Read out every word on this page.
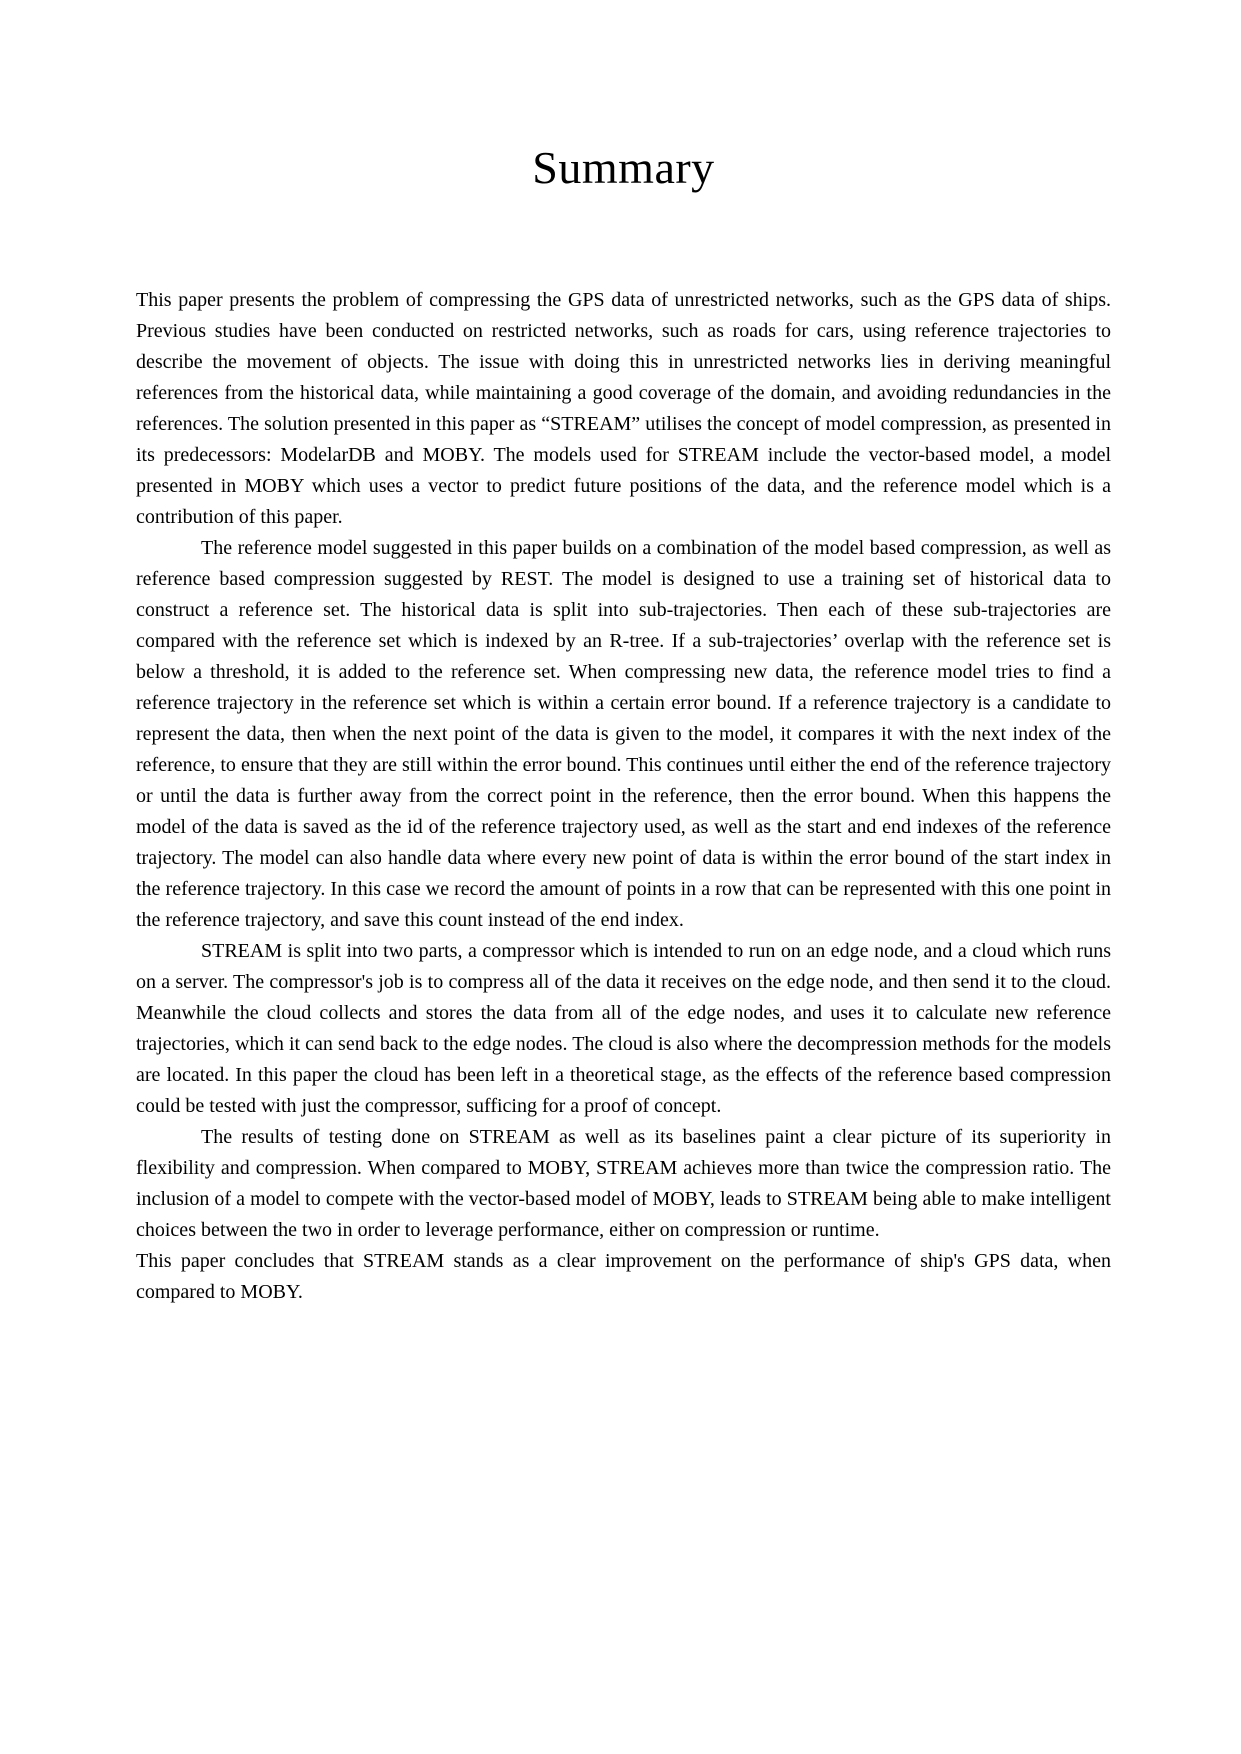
Summary

This paper presents the problem of compressing the GPS data of unrestricted networks, such as the GPS data of ships. Previous studies have been conducted on restricted networks, such as roads for cars, using reference trajectories to describe the movement of objects. The issue with doing this in unrestricted networks lies in deriving meaningful references from the historical data, while maintaining a good coverage of the domain, and avoiding redundancies in the references. The solution presented in this paper as “STREAM” utilises the concept of model compression, as presented in its predecessors: ModelarDB and MOBY. The models used for STREAM include the vector-based model, a model presented in MOBY which uses a vector to predict future positions of the data, and the reference model which is a contribution of this paper.

The reference model suggested in this paper builds on a combination of the model based compression, as well as reference based compression suggested by REST. The model is designed to use a training set of historical data to construct a reference set. The historical data is split into sub-trajectories. Then each of these sub-trajectories are compared with the reference set which is indexed by an R-tree. If a sub-trajectories’ overlap with the reference set is below a threshold, it is added to the reference set. When compressing new data, the reference model tries to find a reference trajectory in the reference set which is within a certain error bound. If a reference trajectory is a candidate to represent the data, then when the next point of the data is given to the model, it compares it with the next index of the reference, to ensure that they are still within the error bound. This continues until either the end of the reference trajectory or until the data is further away from the correct point in the reference, then the error bound. When this happens the model of the data is saved as the id of the reference trajectory used, as well as the start and end indexes of the reference trajectory. The model can also handle data where every new point of data is within the error bound of the start index in the reference trajectory. In this case we record the amount of points in a row that can be represented with this one point in the reference trajectory, and save this count instead of the end index.

STREAM is split into two parts, a compressor which is intended to run on an edge node, and a cloud which runs on a server. The compressor's job is to compress all of the data it receives on the edge node, and then send it to the cloud. Meanwhile the cloud collects and stores the data from all of the edge nodes, and uses it to calculate new reference trajectories, which it can send back to the edge nodes. The cloud is also where the decompression methods for the models are located. In this paper the cloud has been left in a theoretical stage, as the effects of the reference based compression could be tested with just the compressor, sufficing for a proof of concept.

The results of testing done on STREAM as well as its baselines paint a clear picture of its superiority in flexibility and compression. When compared to MOBY, STREAM achieves more than twice the compression ratio. The inclusion of a model to compete with the vector-based model of MOBY, leads to STREAM being able to make intelligent choices between the two in order to leverage performance, either on compression or runtime.

This paper concludes that STREAM stands as a clear improvement on the performance of ship's GPS data, when compared to MOBY.
